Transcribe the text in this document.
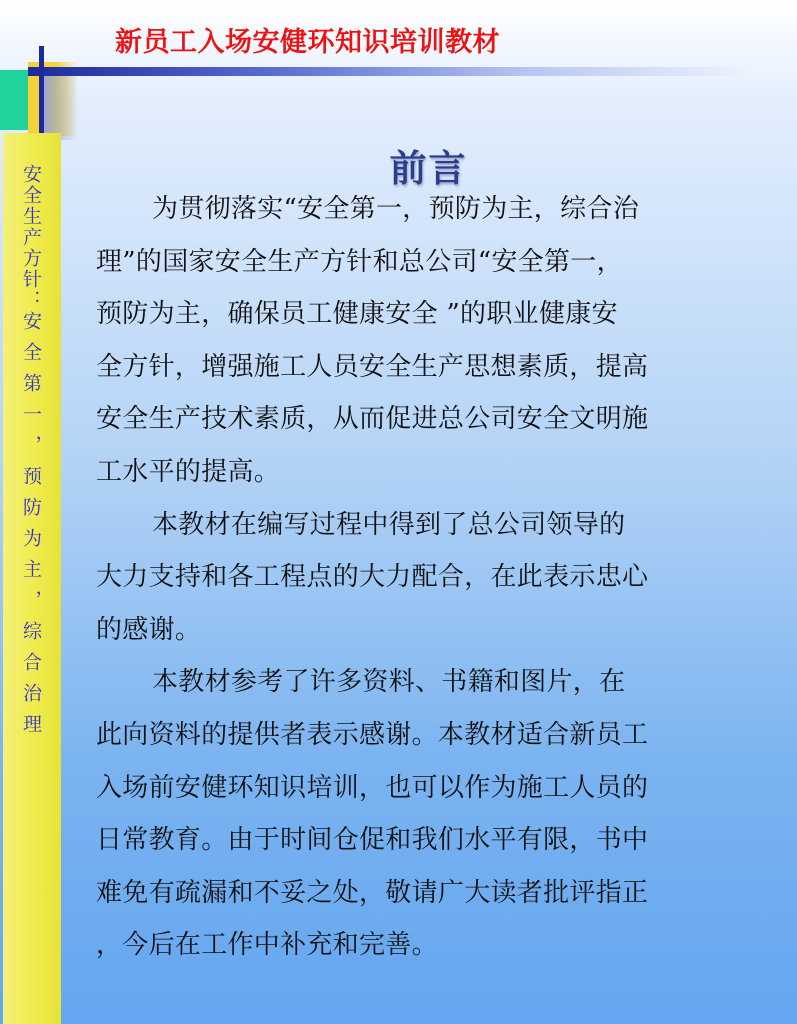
新员工入场安健环知识培训教材
安全生产方针：安全第一，预防为主，综合治理
前言

为贯彻落实“安全第一，预防为主，综合治
理”的国家安全生产方针和总公司“安全第一，
预防为主，确保员工健康安全 ”的职业健康安
全方针，增强施工人员安全生产思想素质，提高
安全生产技术素质，从而促进总公司安全文明施
工水平的提高。

本教材在编写过程中得到了总公司领导的
大力支持和各工程点的大力配合，在此表示忠心
的感谢。

本教材参考了许多资料、书籍和图片，在
此向资料的提供者表示感谢。本教材适合新员工
入场前安健环知识培训，也可以作为施工人员的
日常教育。由于时间仓促和我们水平有限，书中
难免有疏漏和不妥之处，敬请广大读者批评指正
，今后在工作中补充和完善。
